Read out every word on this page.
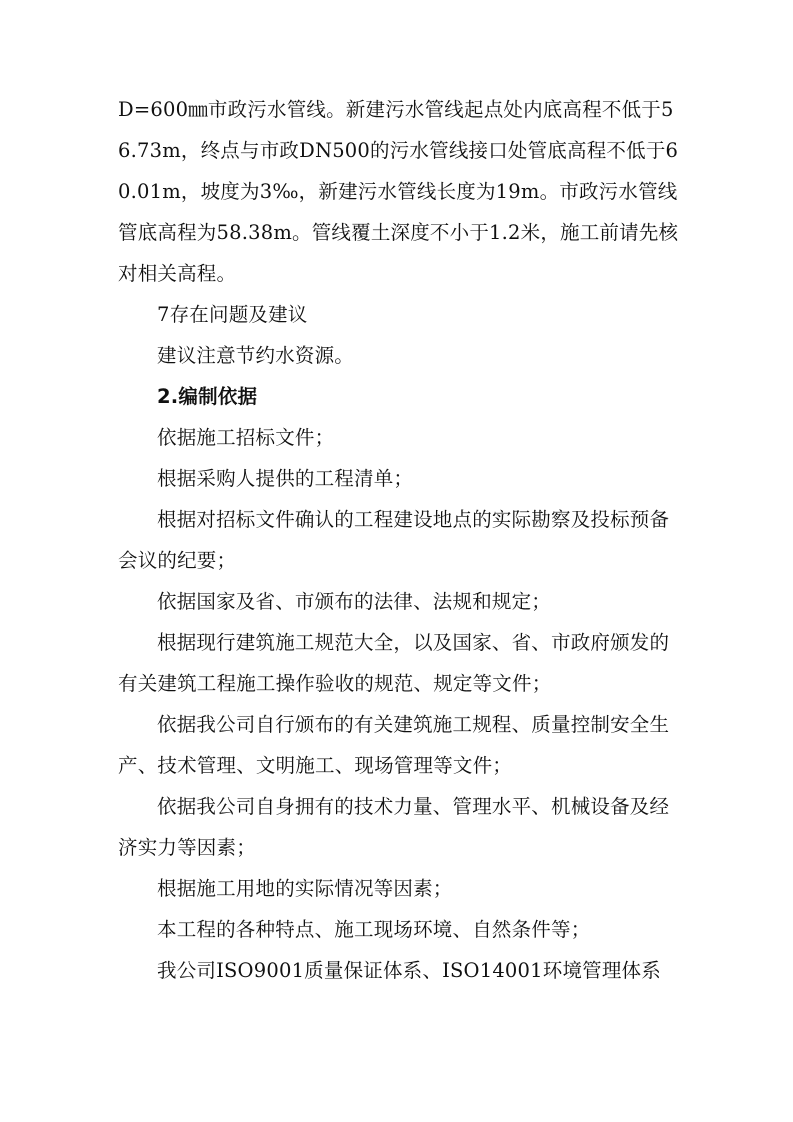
D=600㎜市政污水管线。新建污水管线起点处内底高程不低于56.73m，终点与市政DN500的污水管线接口处管底高程不低于60.01m，坡度为3‰，新建污水管线长度为19m。市政污水管线管底高程为58.38m。管线覆土深度不小于1.2米，施工前请先核对相关高程。

7存在问题及建议

建议注意节约水资源。

2.编制依据

依据施工招标文件；

根据采购人提供的工程清单；

根据对招标文件确认的工程建设地点的实际勘察及投标预备会议的纪要；

依据国家及省、市颁布的法律、法规和规定；

根据现行建筑施工规范大全，以及国家、省、市政府颁发的有关建筑工程施工操作验收的规范、规定等文件；

依据我公司自行颁布的有关建筑施工规程、质量控制安全生产、技术管理、文明施工、现场管理等文件；

依据我公司自身拥有的技术力量、管理水平、机械设备及经济实力等因素；

根据施工用地的实际情况等因素；

本工程的各种特点、施工现场环境、自然条件等；

我公司ISO9001质量保证体系、ISO14001环境管理体系
